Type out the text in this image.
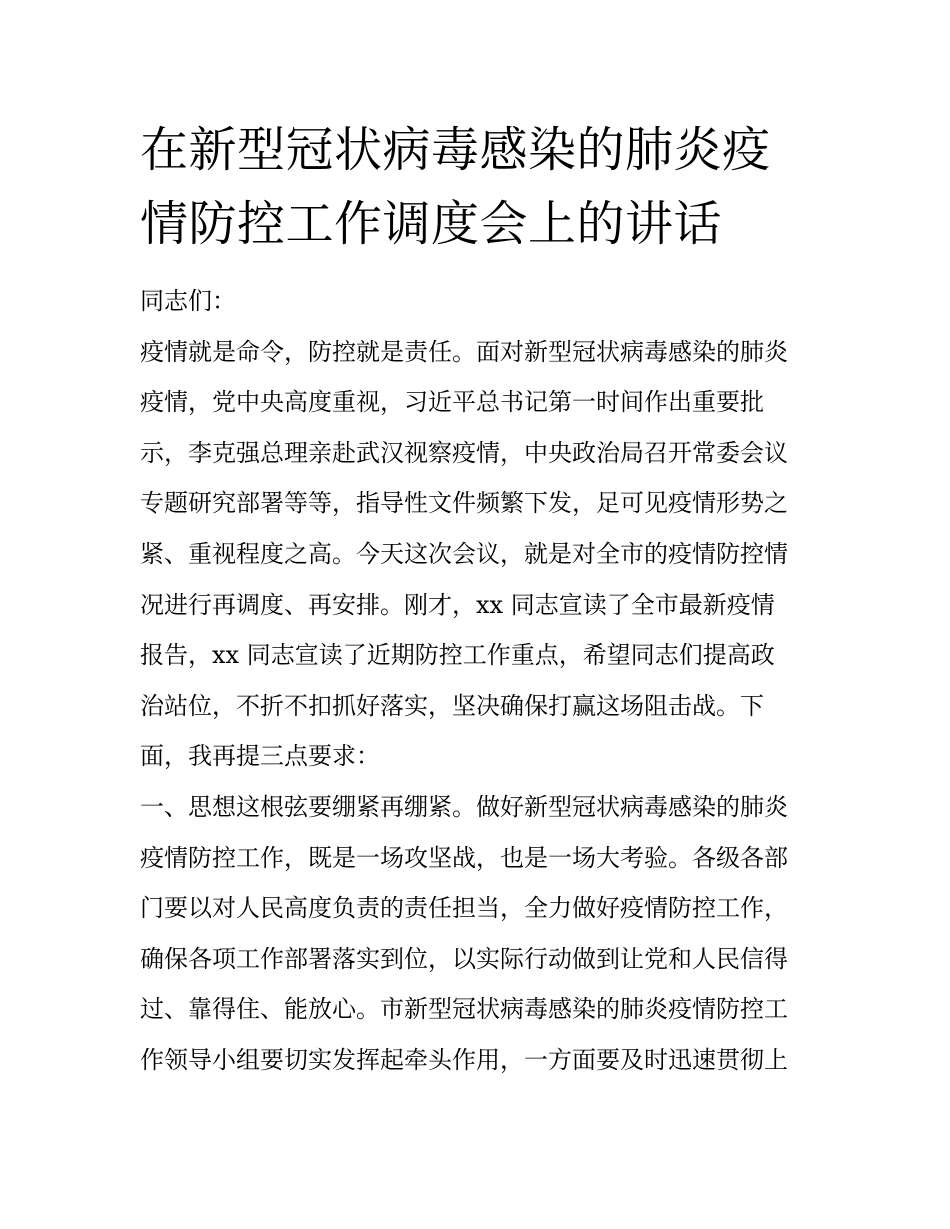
在新型冠状病毒感染的肺炎疫
情防控工作调度会上的讲话
同志们：
疫情就是命令，防控就是责任。面对新型冠状病毒感染的肺炎
疫情，党中央高度重视，习近平总书记第一时间作出重要批
示，李克强总理亲赴武汉视察疫情，中央政治局召开常委会议
专题研究部署等等，指导性文件频繁下发，足可见疫情形势之
紧、重视程度之高。今天这次会议，就是对全市的疫情防控情
况进行再调度、再安排。刚才，xx 同志宣读了全市最新疫情
报告，xx 同志宣读了近期防控工作重点，希望同志们提高政
治站位，不折不扣抓好落实，坚决确保打赢这场阻击战。下
面，我再提三点要求：
一、思想这根弦要绷紧再绷紧。做好新型冠状病毒感染的肺炎
疫情防控工作，既是一场攻坚战，也是一场大考验。各级各部
门要以对人民高度负责的责任担当，全力做好疫情防控工作，
确保各项工作部署落实到位，以实际行动做到让党和人民信得
过、靠得住、能放心。市新型冠状病毒感染的肺炎疫情防控工
作领导小组要切实发挥起牵头作用，一方面要及时迅速贯彻上
